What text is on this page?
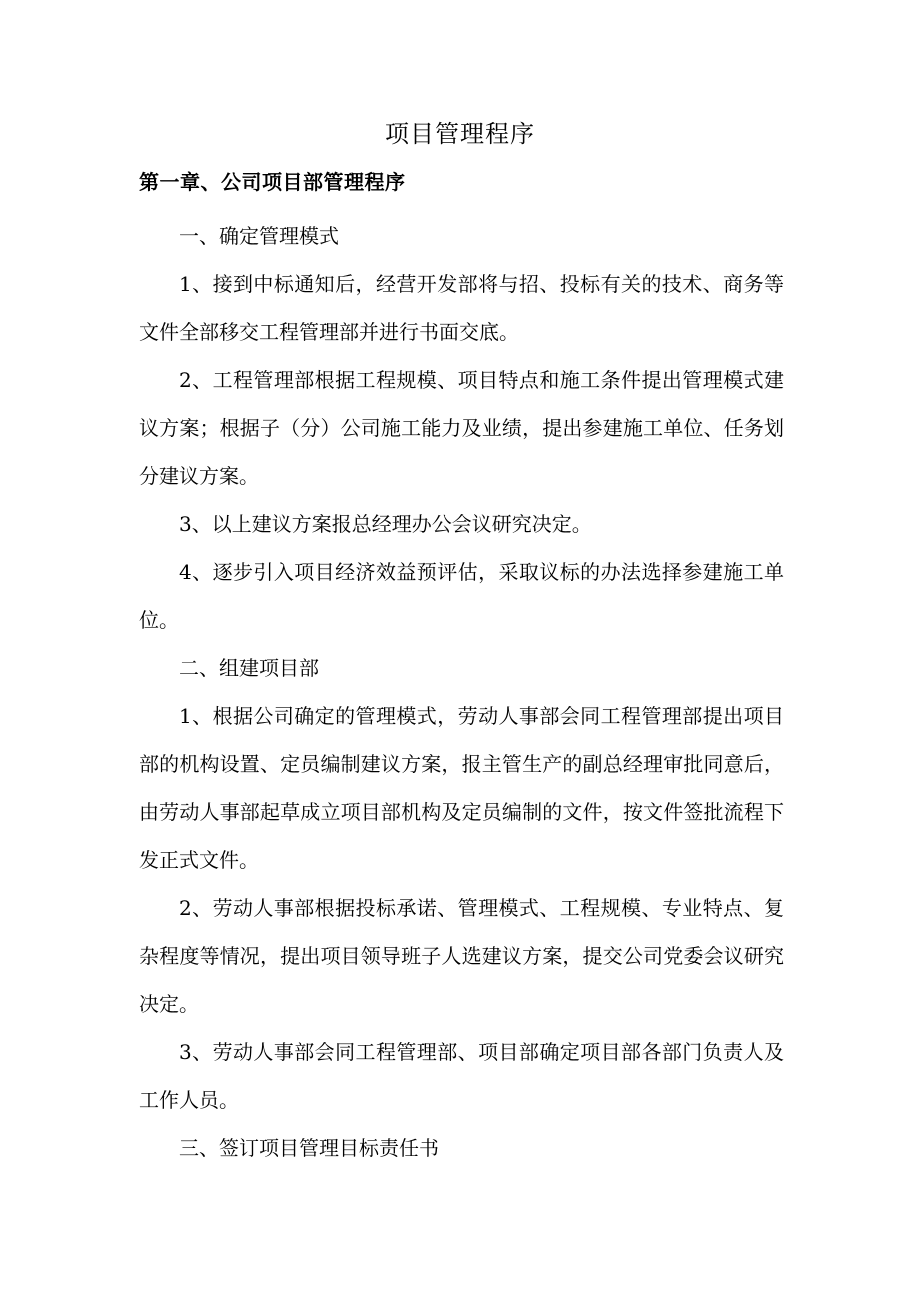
项目管理程序
第一章、公司项目部管理程序

一、确定管理模式

1、接到中标通知后，经营开发部将与招、投标有关的技术、商务等文件全部移交工程管理部并进行书面交底。

2、工程管理部根据工程规模、项目特点和施工条件提出管理模式建议方案；根据子（分）公司施工能力及业绩，提出参建施工单位、任务划分建议方案。

3、以上建议方案报总经理办公会议研究决定。

4、逐步引入项目经济效益预评估，采取议标的办法选择参建施工单位。

二、组建项目部

1、根据公司确定的管理模式，劳动人事部会同工程管理部提出项目部的机构设置、定员编制建议方案，报主管生产的副总经理审批同意后，由劳动人事部起草成立项目部机构及定员编制的文件，按文件签批流程下发正式文件。

2、劳动人事部根据投标承诺、管理模式、工程规模、专业特点、复杂程度等情况，提出项目领导班子人选建议方案，提交公司党委会议研究决定。

3、劳动人事部会同工程管理部、项目部确定项目部各部门负责人及工作人员。

三、签订项目管理目标责任书
